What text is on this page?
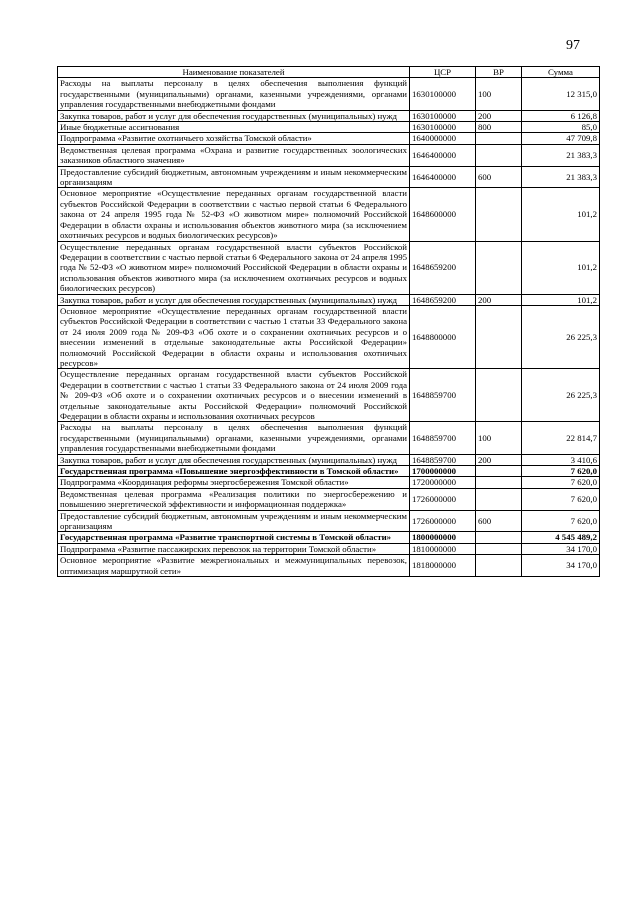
97
Наименование показателей	ЦСР	ВР	Сумма
Расходы на выплаты персоналу в целях обеспечения выполнения функций государственными (муниципальными) органами, казенными учреждениями, органами управления государственными внебюджетными фондами	1630100000	100	12 315,0
Закупка товаров, работ и услуг для обеспечения государственных (муниципальных) нужд	1630100000	200	6 126,8
Иные бюджетные ассигнования	1630100000	800	85,0
Подпрограмма «Развитие охотничьего хозяйства Томской области»	1640000000		47 709,8
Ведомственная целевая программа «Охрана и развитие государственных зоологических заказников областного значения»	1646400000		21 383,3
Предоставление субсидий бюджетным, автономным учреждениям и иным некоммерческим организациям	1646400000	600	21 383,3
Основное мероприятие «Осуществление переданных органам государственной власти субъектов Российской Федерации в соответствии с частью первой статьи 6 Федерального закона от 24 апреля 1995 года № 52-ФЗ «О животном мире» полномочий Российской Федерации в области охраны и использования объектов животного мира (за исключением охотничьих ресурсов и водных биологических ресурсов)»	1648600000		101,2
Осуществление переданных органам государственной власти субъектов Российской Федерации в соответствии с частью первой статьи 6 Федерального закона от 24 апреля 1995 года № 52-ФЗ «О животном мире» полномочий Российской Федерации в области охраны и использования объектов животного мира (за исключением охотничьих ресурсов и водных биологических ресурсов)	1648659200		101,2
Закупка товаров, работ и услуг для обеспечения государственных (муниципальных) нужд	1648659200	200	101,2
Основное мероприятие «Осуществление переданных органам государственной власти субъектов Российской Федерации в соответствии с частью 1 статьи 33 Федерального закона от 24 июля 2009 года № 209-ФЗ «Об охоте и о сохранении охотничьих ресурсов и о внесении изменений в отдельные законодательные акты Российской Федерации» полномочий Российской Федерации в области охраны и использования охотничьих ресурсов»	1648800000		26 225,3
Осуществление переданных органам государственной власти субъектов Российской Федерации в соответствии с частью 1 статьи 33 Федерального закона от 24 июля 2009 года № 209-ФЗ «Об охоте и о сохранении охотничьих ресурсов и о внесении изменений в отдельные законодательные акты Российской Федерации» полномочий Российской Федерации в области охраны и использования охотничьих ресурсов	1648859700		26 225,3
Расходы на выплаты персоналу в целях обеспечения выполнения функций государственными (муниципальными) органами, казенными учреждениями, органами управления государственными внебюджетными фондами	1648859700	100	22 814,7
Закупка товаров, работ и услуг для обеспечения государственных (муниципальных) нужд	1648859700	200	3 410,6
Государственная программа «Повышение энергоэффективности в Томской области»	1700000000		7 620,0
Подпрограмма «Координация реформы энергосбережения Томской области»	1720000000		7 620,0
Ведомственная целевая программа «Реализация политики по энергосбережению и повышению энергетической эффективности и информационная поддержка»	1726000000		7 620,0
Предоставление субсидий бюджетным, автономным учреждениям и иным некоммерческим организациям	1726000000	600	7 620,0
Государственная программа «Развитие транспортной системы в Томской области»	1800000000		4 545 489,2
Подпрограмма «Развитие пассажирских перевозок на территории Томской области»	1810000000		34 170,0
Основное мероприятие «Развитие межрегиональных и межмуниципальных перевозок, оптимизация маршрутной сети»	1818000000		34 170,0
